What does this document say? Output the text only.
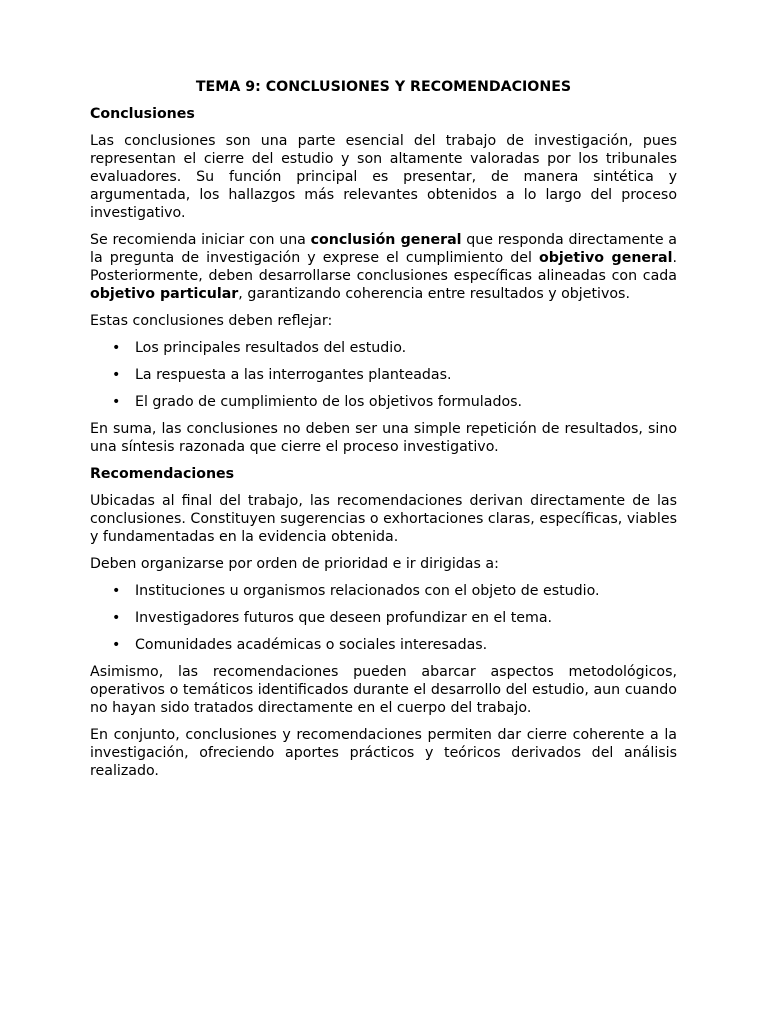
TEMA 9: CONCLUSIONES Y RECOMENDACIONES
Conclusiones

Las conclusiones son una parte esencial del trabajo de investigación, pues representan el cierre del estudio y son altamente valoradas por los tribunales evaluadores. Su función principal es presentar, de manera sintética y argumentada, los hallazgos más relevantes obtenidos a lo largo del proceso investigativo.

Se recomienda iniciar con una conclusión general que responda directamente a la pregunta de investigación y exprese el cumplimiento del objetivo general. Posteriormente, deben desarrollarse conclusiones específicas alineadas con cada objetivo particular, garantizando coherencia entre resultados y objetivos.

Estas conclusiones deben reflejar:

• Los principales resultados del estudio.
• La respuesta a las interrogantes planteadas.
• El grado de cumplimiento de los objetivos formulados.

En suma, las conclusiones no deben ser una simple repetición de resultados, sino una síntesis razonada que cierre el proceso investigativo.

Recomendaciones

Ubicadas al final del trabajo, las recomendaciones derivan directamente de las conclusiones. Constituyen sugerencias o exhortaciones claras, específicas, viables y fundamentadas en la evidencia obtenida.

Deben organizarse por orden de prioridad e ir dirigidas a:

• Instituciones u organismos relacionados con el objeto de estudio.
• Investigadores futuros que deseen profundizar en el tema.
• Comunidades académicas o sociales interesadas.

Asimismo, las recomendaciones pueden abarcar aspectos metodológicos, operativos o temáticos identificados durante el desarrollo del estudio, aun cuando no hayan sido tratados directamente en el cuerpo del trabajo.

En conjunto, conclusiones y recomendaciones permiten dar cierre coherente a la investigación, ofreciendo aportes prácticos y teóricos derivados del análisis realizado.
